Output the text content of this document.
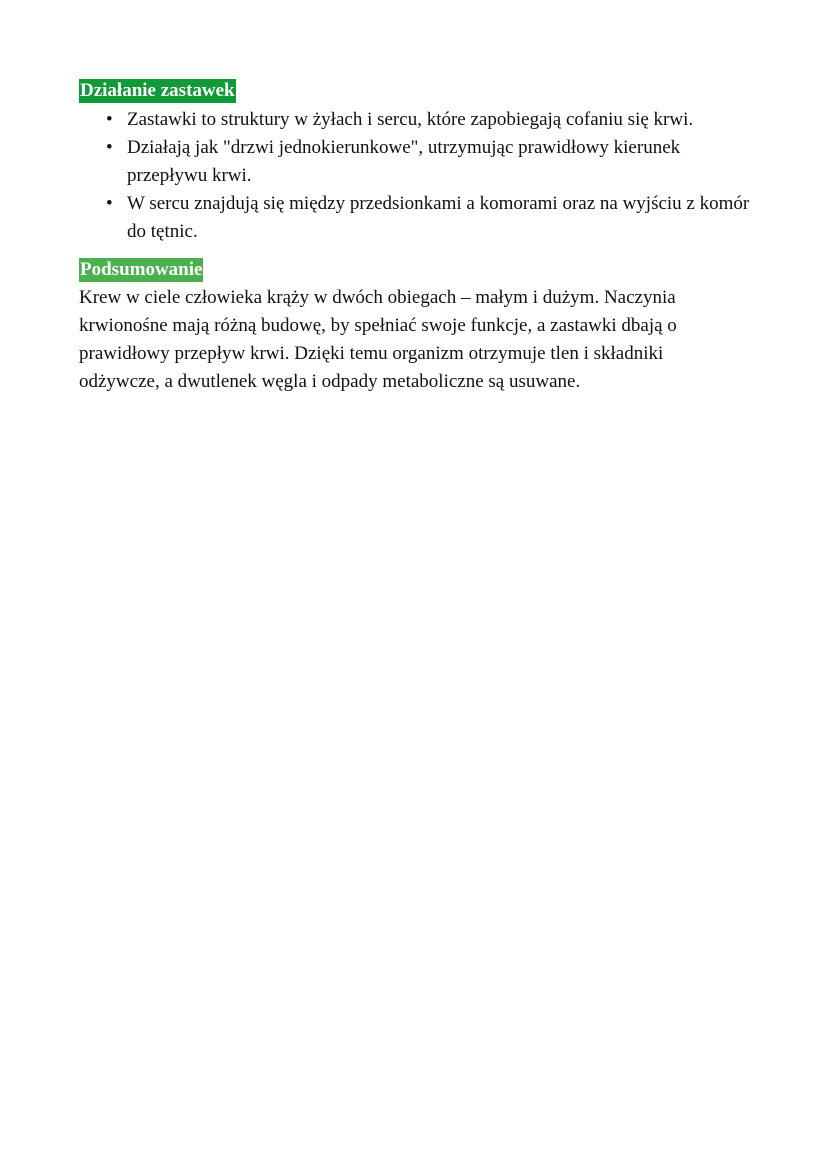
Działanie zastawek
• Zastawki to struktury w żyłach i sercu, które zapobiegają cofaniu się krwi.
• Działają jak "drzwi jednokierunkowe", utrzymując prawidłowy kierunek przepływu krwi.
• W sercu znajdują się między przedsionkami a komorami oraz na wyjściu z komór do tętnic.
Podsumowanie

Krew w ciele człowieka krąży w dwóch obiegach – małym i dużym. Naczynia krwionośne mają różną budowę, by spełniać swoje funkcje, a zastawki dbają o prawidłowy przepływ krwi. Dzięki temu organizm otrzymuje tlen i składniki odżywcze, a dwutlenek węgla i odpady metaboliczne są usuwane.
